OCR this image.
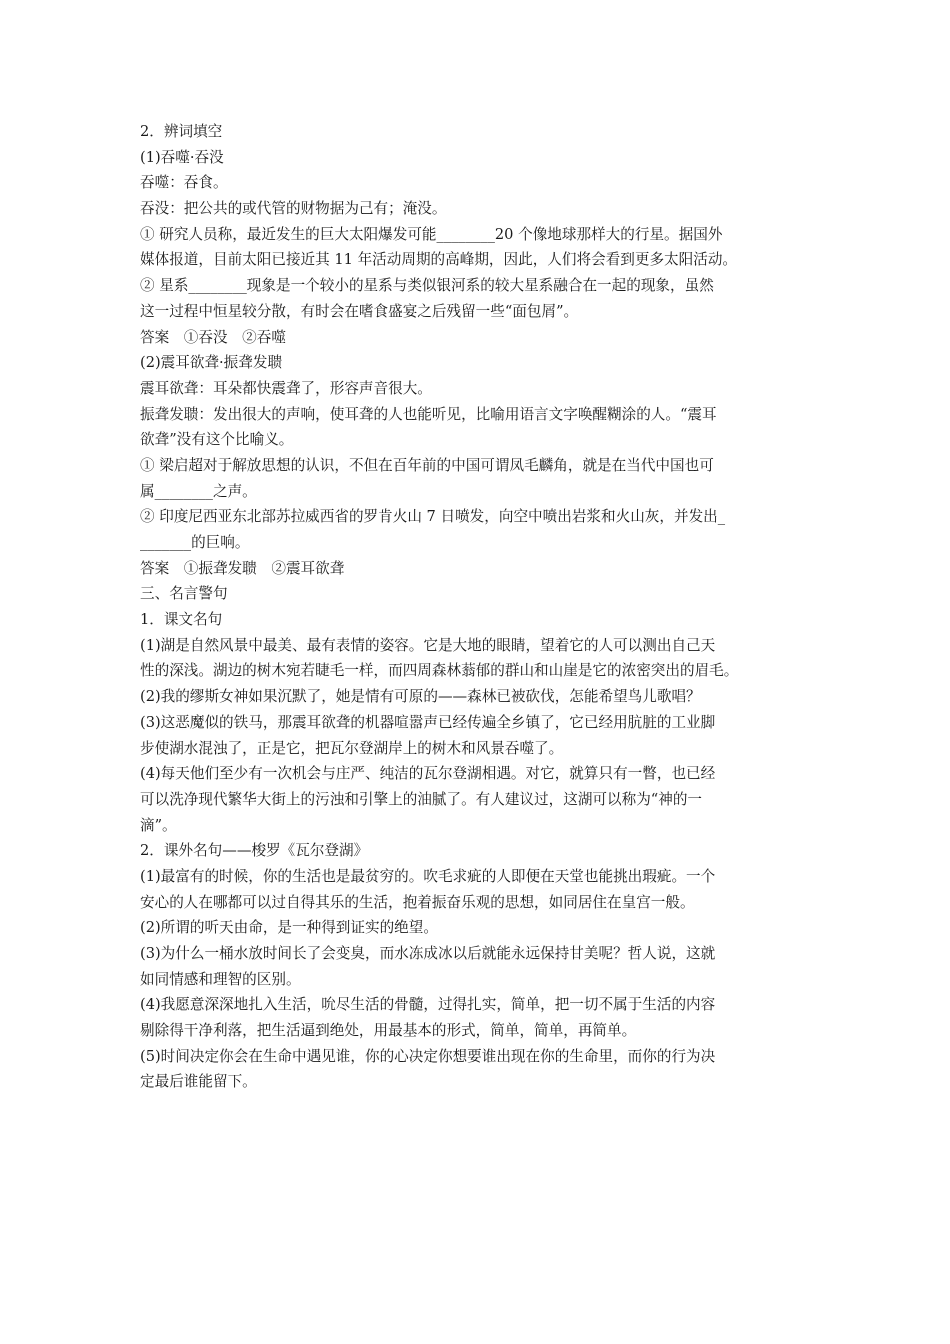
2．辨词填空
(1)吞噬·吞没
吞噬：吞食。
吞没：把公共的或代管的财物据为己有；淹没。
① 研究人员称，最近发生的巨大太阳爆发可能________20 个像地球那样大的行星。据国外
媒体报道，目前太阳已接近其 11 年活动周期的高峰期，因此，人们将会看到更多太阳活动。
② 星系________现象是一个较小的星系与类似银河系的较大星系融合在一起的现象，虽然
这一过程中恒星较分散，有时会在嗜食盛宴之后残留一些“面包屑”。
答案　①吞没　②吞噬
(2)震耳欲聋·振聋发聩
震耳欲聋：耳朵都快震聋了，形容声音很大。
振聋发聩：发出很大的声响，使耳聋的人也能听见，比喻用语言文字唤醒糊涂的人。“震耳
欲聋”没有这个比喻义。
① 梁启超对于解放思想的认识，不但在百年前的中国可谓凤毛麟角，就是在当代中国也可
属________之声。
② 印度尼西亚东北部苏拉威西省的罗肯火山 7 日喷发，向空中喷出岩浆和火山灰，并发出_
_______的巨响。
答案　①振聋发聩　②震耳欲聋
三、名言警句
1．课文名句
(1)湖是自然风景中最美、最有表情的姿容。它是大地的眼睛，望着它的人可以测出自己天
性的深浅。湖边的树木宛若睫毛一样，而四周森林蓊郁的群山和山崖是它的浓密突出的眉毛。
(2)我的缪斯女神如果沉默了，她是情有可原的——森林已被砍伐，怎能希望鸟儿歌唱？
(3)这恶魔似的铁马，那震耳欲聋的机器喧嚣声已经传遍全乡镇了，它已经用肮脏的工业脚
步使湖水混浊了，正是它，把瓦尔登湖岸上的树木和风景吞噬了。
(4)每天他们至少有一次机会与庄严、纯洁的瓦尔登湖相遇。对它，就算只有一瞥，也已经
可以洗净现代繁华大街上的污浊和引擎上的油腻了。有人建议过，这湖可以称为“神的一
滴”。
2．课外名句——梭罗《瓦尔登湖》
(1)最富有的时候，你的生活也是最贫穷的。吹毛求疵的人即便在天堂也能挑出瑕疵。一个
安心的人在哪都可以过自得其乐的生活，抱着振奋乐观的思想，如同居住在皇宫一般。
(2)所谓的听天由命，是一种得到证实的绝望。
(3)为什么一桶水放时间长了会变臭，而水冻成冰以后就能永远保持甘美呢？哲人说，这就
如同情感和理智的区别。
(4)我愿意深深地扎入生活，吮尽生活的骨髓，过得扎实，简单，把一切不属于生活的内容
剔除得干净利落，把生活逼到绝处，用最基本的形式，简单，简单，再简单。
(5)时间决定你会在生命中遇见谁，你的心决定你想要谁出现在你的生命里，而你的行为决
定最后谁能留下。
